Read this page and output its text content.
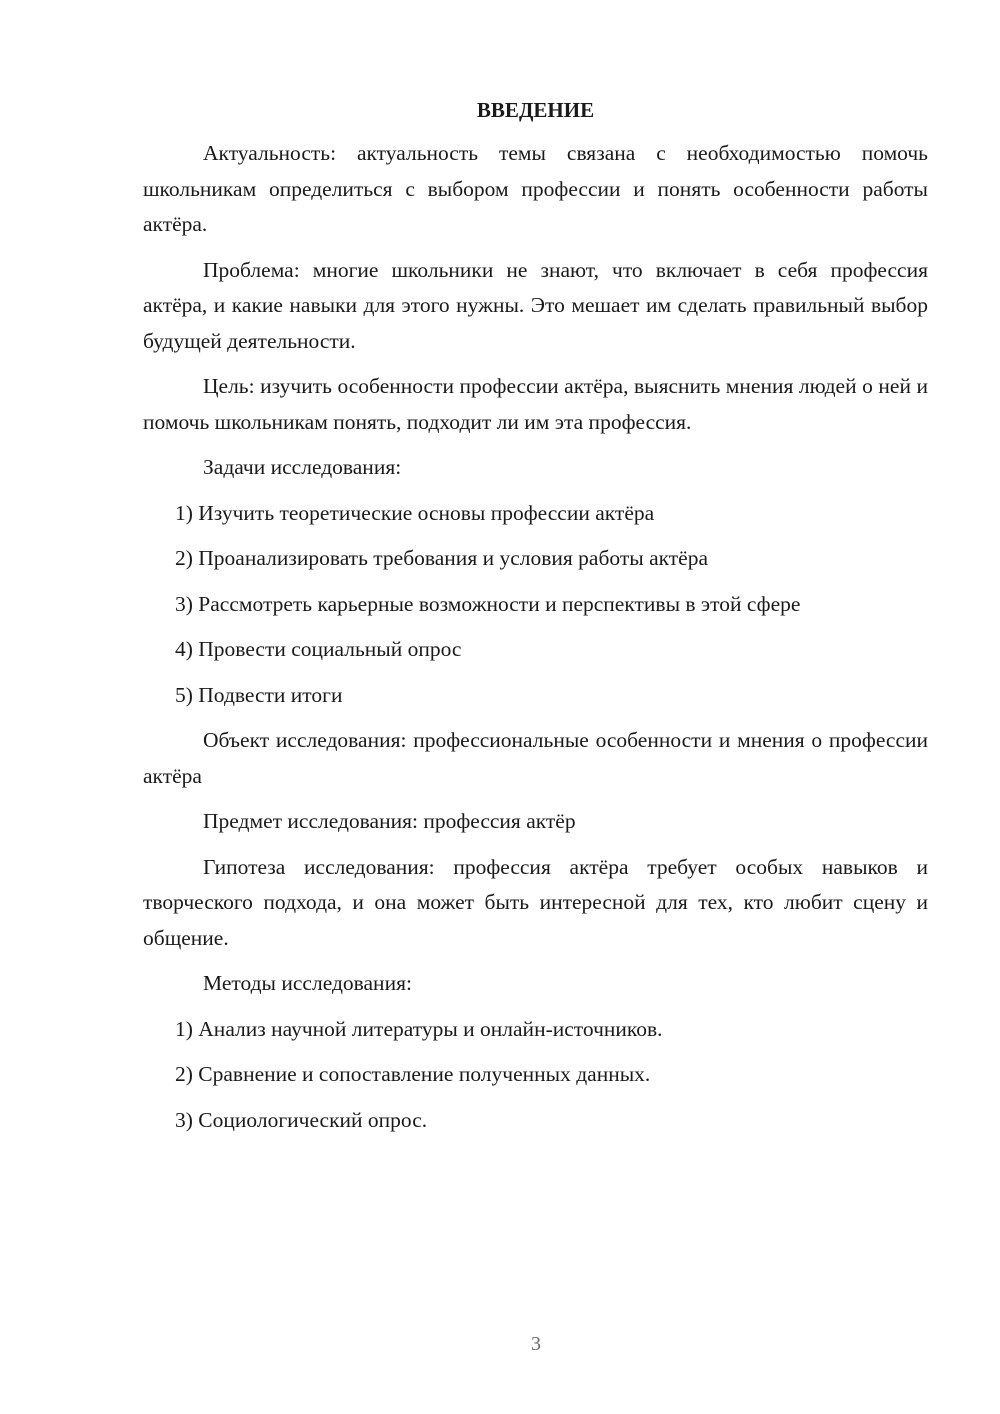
ВВЕДЕНИЕ

Актуальность: актуальность темы связана с необходимостью помочь школьникам определиться с выбором профессии и понять особенности работы актёра.

Проблема: многие школьники не знают, что включает в себя профессия актёра, и какие навыки для этого нужны. Это мешает им сделать правильный выбор будущей деятельности.

Цель: изучить особенности профессии актёра, выяснить мнения людей о ней и помочь школьникам понять, подходит ли им эта профессия.

Задачи исследования:

1) Изучить теоретические основы профессии актёра
2) Проанализировать требования и условия работы актёра
3) Рассмотреть карьерные возможности и перспективы в этой сфере
4) Провести социальный опрос
5) Подвести итоги

Объект исследования: профессиональные особенности и мнения о профессии актёра

Предмет исследования: профессия актёр

Гипотеза исследования: профессия актёра требует особых навыков и творческого подхода, и она может быть интересной для тех, кто любит сцену и общение.

Методы исследования:

1) Анализ научной литературы и онлайн-источников.
2) Сравнение и сопоставление полученных данных.
3) Социологический опрос.
3
